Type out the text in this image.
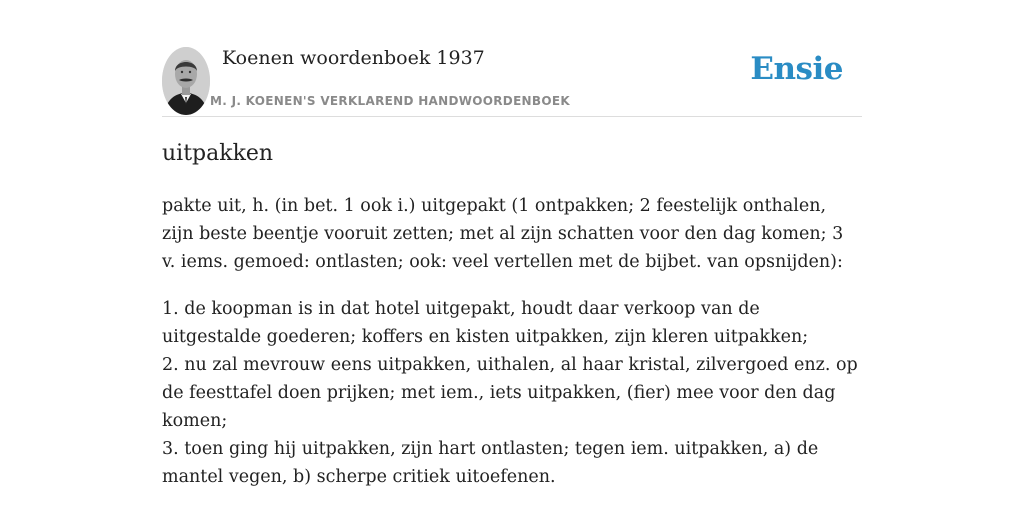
Koenen woordenboek 1937
M. J. KOENEN'S VERKLAREND HANDWOORDENBOEK
Ensie
uitpakken

pakte uit, h. (in bet. 1 ook i.) uitgepakt (1 ontpakken; 2 feestelijk onthalen, zijn beste beentje vooruit zetten; met al zijn schatten voor den dag komen; 3 v. iems. gemoed: ontlasten; ook: veel vertellen met de bijbet. van opsnijden):

1. de koopman is in dat hotel uitgepakt, houdt daar verkoop van de uitgestalde goederen; koffers en kisten uitpakken, zijn kleren uitpakken;
2. nu zal mevrouw eens uitpakken, uithalen, al haar kristal, zilvergoed enz. op de feesttafel doen prijken; met iem., iets uitpakken, (fier) mee voor den dag komen;
3. toen ging hij uitpakken, zijn hart ontlasten; tegen iem. uitpakken, a) de mantel vegen, b) scherpe critiek uitoefenen.
